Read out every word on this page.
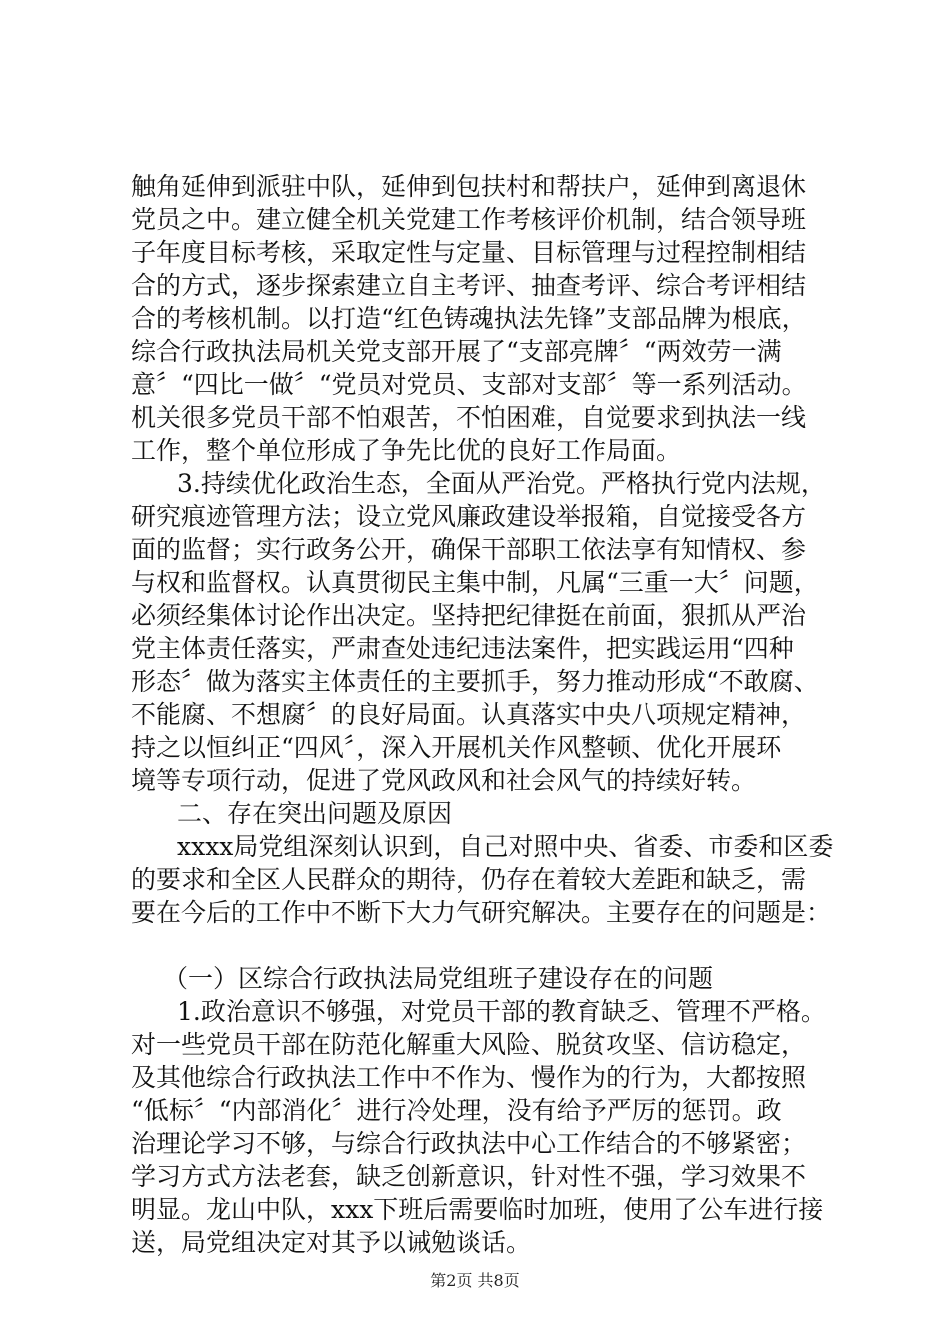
触角延伸到派驻中队，延伸到包扶村和帮扶户，延伸到离退休
党员之中。建立健全机关党建工作考核评价机制，结合领导班
子年度目标考核，采取定性与定量、目标管理与过程控制相结
合的方式，逐步探索建立自主考评、抽查考评、综合考评相结
合的考核机制。以打造“红色铸魂执法先锋”支部品牌为根底，
综合行政执法局机关党支部开展了“支部亮牌〞“两效劳一满
意〞“四比一做〞“党员对党员、支部对支部〞等一系列活动。
机关很多党员干部不怕艰苦，不怕困难，自觉要求到执法一线
工作，整个单位形成了争先比优的良好工作局面。
3.持续优化政治生态，全面从严治党。严格执行党内法规，
研究痕迹管理方法；设立党风廉政建设举报箱，自觉接受各方
面的监督；实行政务公开，确保干部职工依法享有知情权、参
与权和监督权。认真贯彻民主集中制，凡属“三重一大〞问题，
必须经集体讨论作出决定。坚持把纪律挺在前面，狠抓从严治
党主体责任落实，严肃查处违纪违法案件，把实践运用“四种
形态〞做为落实主体责任的主要抓手，努力推动形成“不敢腐、
不能腐、不想腐〞的良好局面。认真落实中央八项规定精神，
持之以恒纠正“四风〞，深入开展机关作风整顿、优化开展环
境等专项行动，促进了党风政风和社会风气的持续好转。
二、存在突出问题及原因
xxxx局党组深刻认识到，自己对照中央、省委、市委和区委
的要求和全区人民群众的期待，仍存在着较大差距和缺乏，需
要在今后的工作中不断下大力气研究解决。主要存在的问题是：
（一）区综合行政执法局党组班子建设存在的问题
1.政治意识不够强，对党员干部的教育缺乏、管理不严格。
对一些党员干部在防范化解重大风险、脱贫攻坚、信访稳定，
及其他综合行政执法工作中不作为、慢作为的行为，大都按照
“低标〞“内部消化〞进行冷处理，没有给予严厉的惩罚。政
治理论学习不够，与综合行政执法中心工作结合的不够紧密；
学习方式方法老套，缺乏创新意识，针对性不强，学习效果不
明显。龙山中队，xxx下班后需要临时加班，使用了公车进行接
送，局党组决定对其予以诫勉谈话。
第2页 共8页
